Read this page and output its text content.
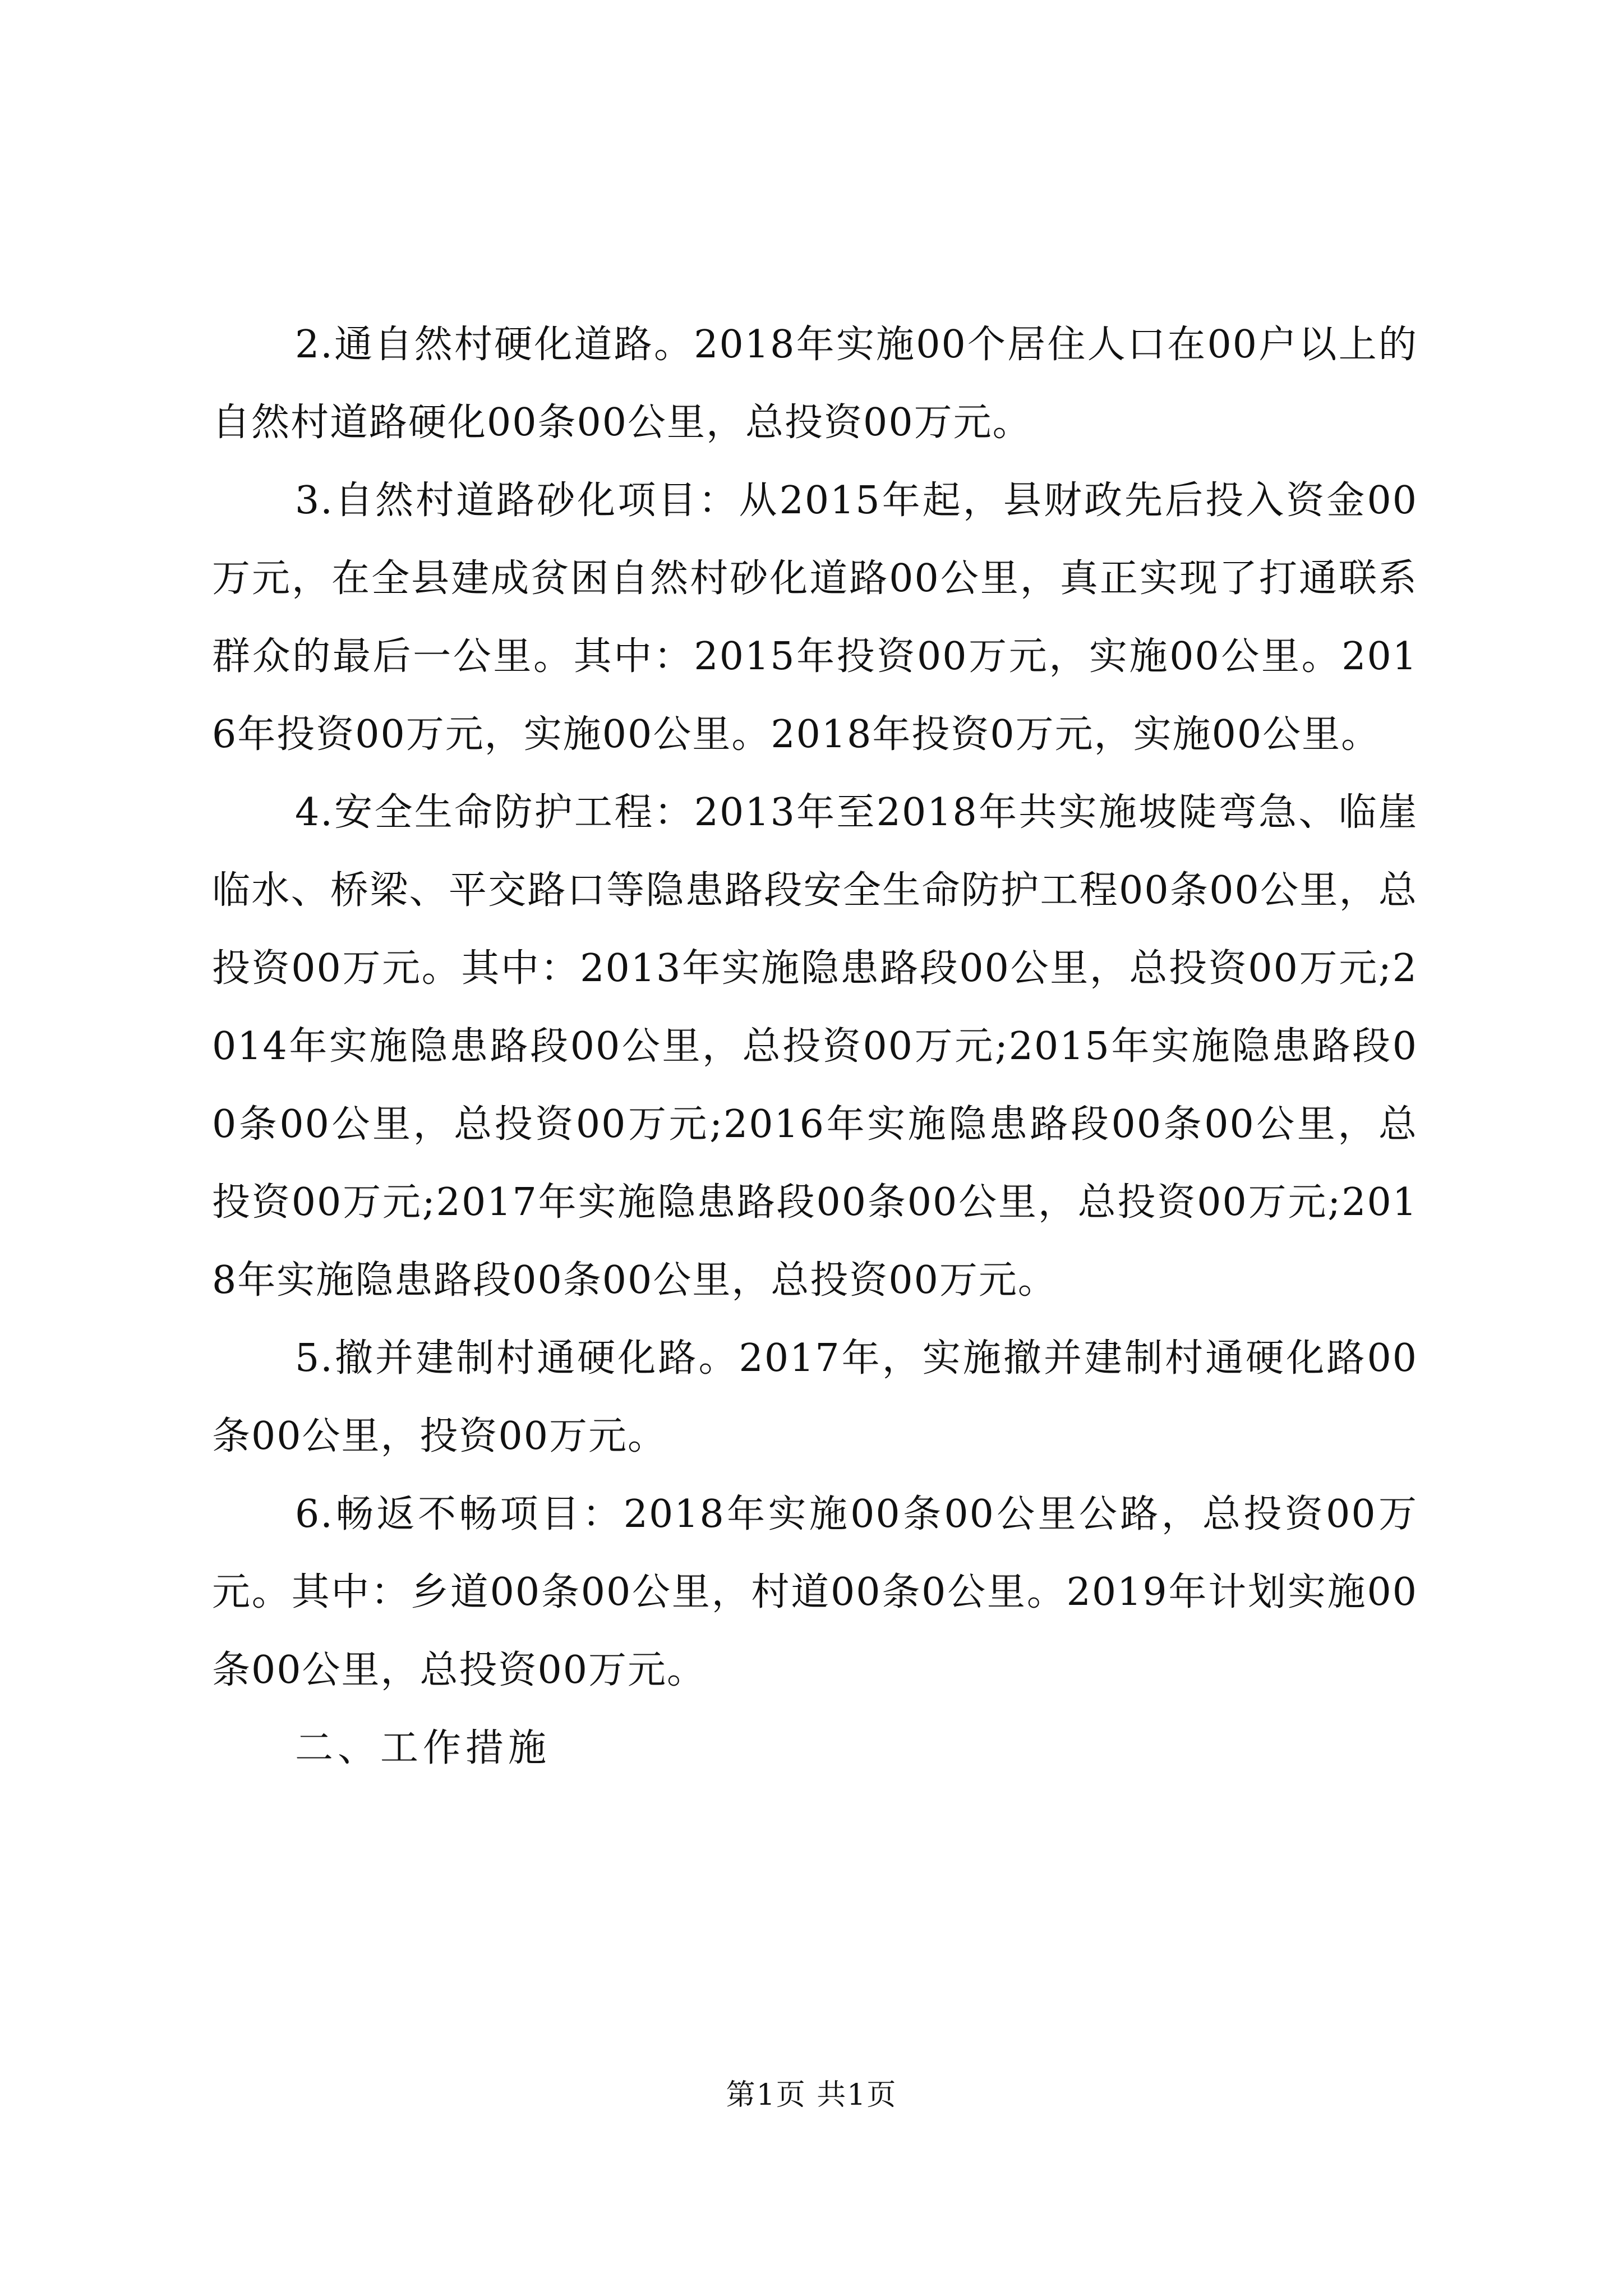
2.通自然村硬化道路。2018年实施00个居住人口在00户以上的自然村道路硬化00条00公里，总投资00万元。

3.自然村道路砂化项目：从2015年起，县财政先后投入资金00万元，在全县建成贫困自然村砂化道路00公里，真正实现了打通联系群众的最后一公里。其中：2015年投资00万元，实施00公里。2016年投资00万元，实施00公里。2018年投资0万元，实施00公里。

4.安全生命防护工程：2013年至2018年共实施坡陡弯急、临崖临水、桥梁、平交路口等隐患路段安全生命防护工程00条00公里，总投资00万元。其中：2013年实施隐患路段00公里，总投资00万元;2014年实施隐患路段00公里，总投资00万元;2015年实施隐患路段00条00公里，总投资00万元;2016年实施隐患路段00条00公里，总投资00万元;2017年实施隐患路段00条00公里，总投资00万元;2018年实施隐患路段00条00公里，总投资00万元。

5.撤并建制村通硬化路。2017年，实施撤并建制村通硬化路00条00公里，投资00万元。

6.畅返不畅项目：2018年实施00条00公里公路，总投资00万元。其中：乡道00条00公里，村道00条0公里。2019年计划实施00条00公里，总投资00万元。

二、工作措施

第1页 共1页
